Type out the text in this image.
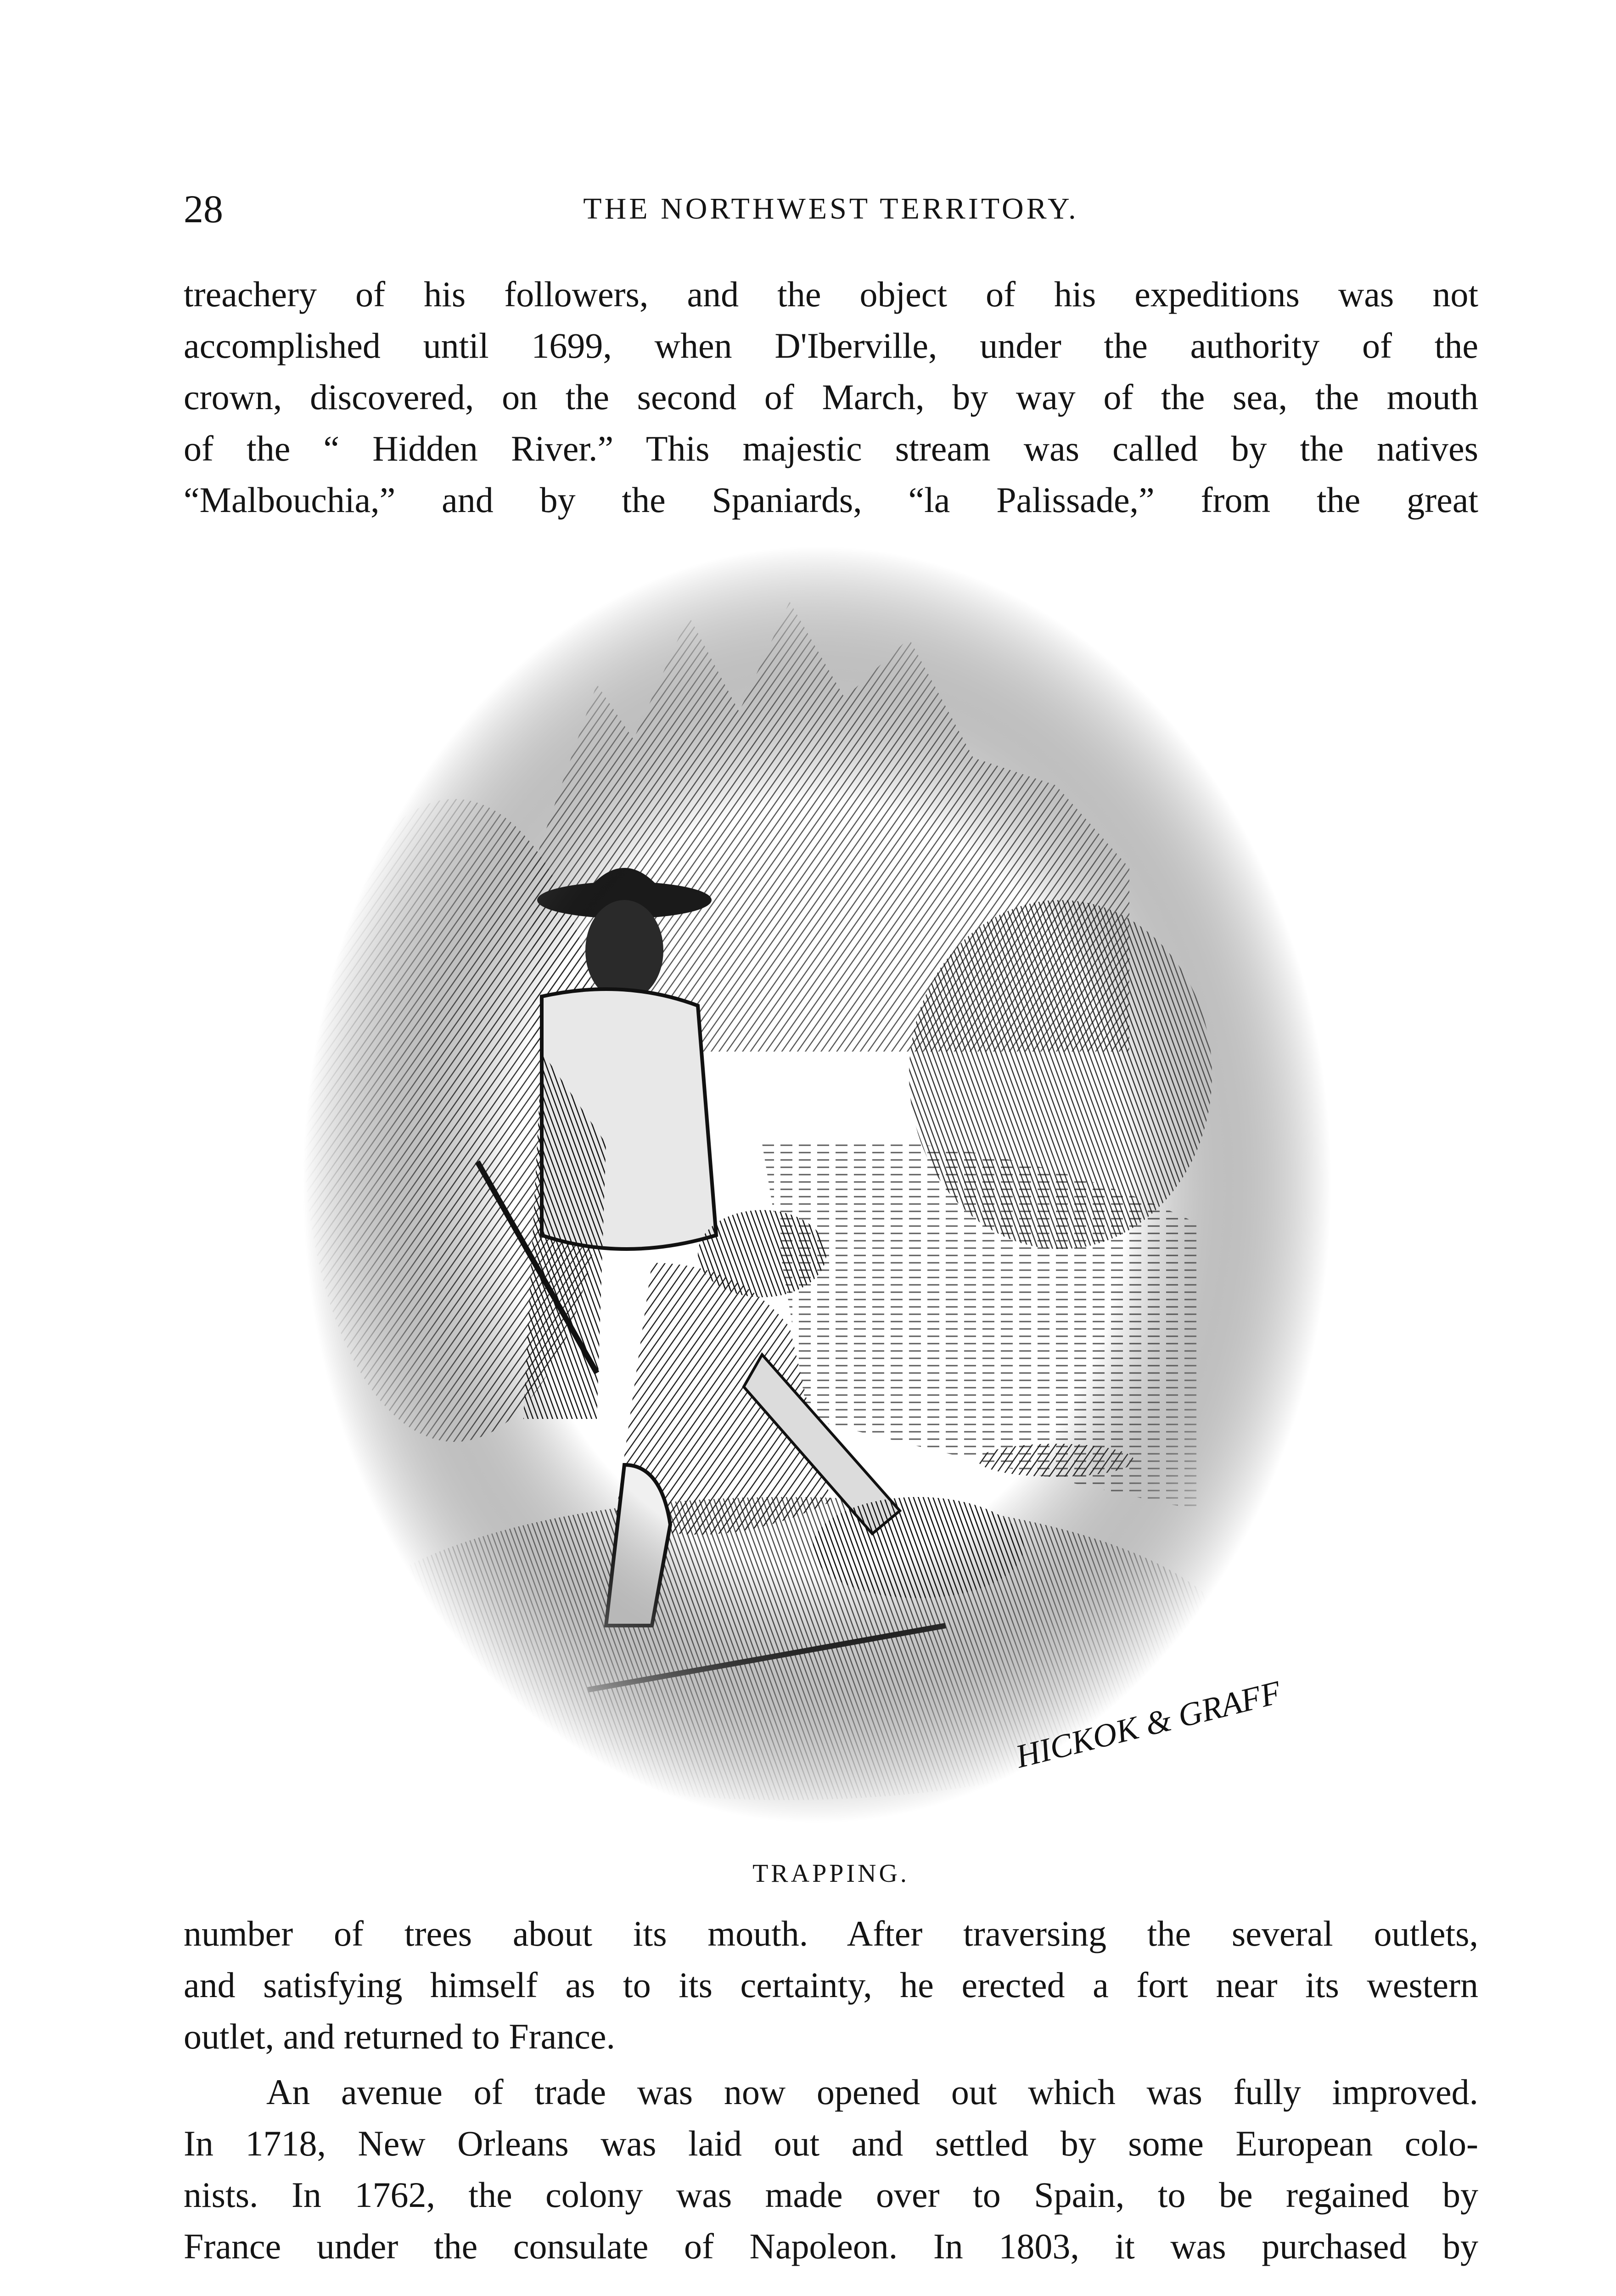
28	THE NORTHWEST TERRITORY.
treachery of his followers, and the object of his expeditions was not
accomplished until 1699, when D'Iberville, under the authority of the
crown, discovered, on the second of March, by way of the sea, the mouth
of the “ Hidden River.” This majestic stream was called by the natives
“Malbouchia,” and by the Spaniards, “la Palissade,” from the great
HICKOK & GRAFF
TRAPPING.
number of trees about its mouth. After traversing the several outlets,
and satisfying himself as to its certainty, he erected a fort near its western
outlet, and returned to France.
An avenue of trade was now opened out which was fully improved.
In 1718, New Orleans was laid out and settled by some European colo-
nists. In 1762, the colony was made over to Spain, to be regained by
France under the consulate of Napoleon. In 1803, it was purchased by
